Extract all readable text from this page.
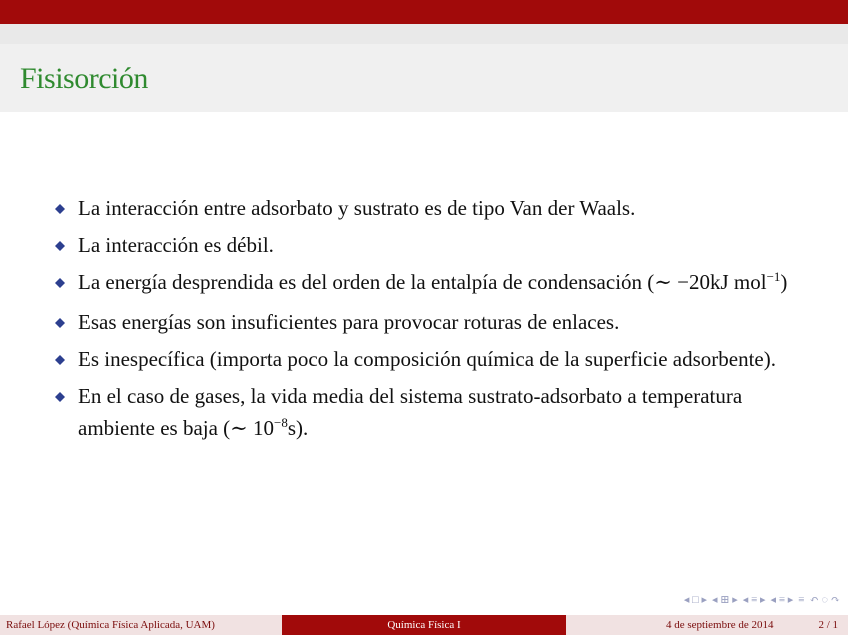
Fisisorción
La interacción entre adsorbato y sustrato es de tipo Van der Waals.
La interacción es débil.
La energía desprendida es del orden de la entalpía de condensación (∼ −20kJ mol$^{-1}$)
Esas energías son insuficientes para provocar roturas de enlaces.
Es inespecífica (importa poco la composición química de la superficie adsorbente).
En el caso de gases, la vida media del sistema sustrato-adsorbato a temperatura ambiente es baja (∼ $10^{-8}s$).
◂ □ ▸ ◂ ⊞ ▸ ◂ ≡ ▸ ◂ ≡ ▸ ≡ ↶ ◌ ↷
Rafael López (Química Física Aplicada, UAM)	Química Física I	4 de septiembre de 2014	2 / 1
